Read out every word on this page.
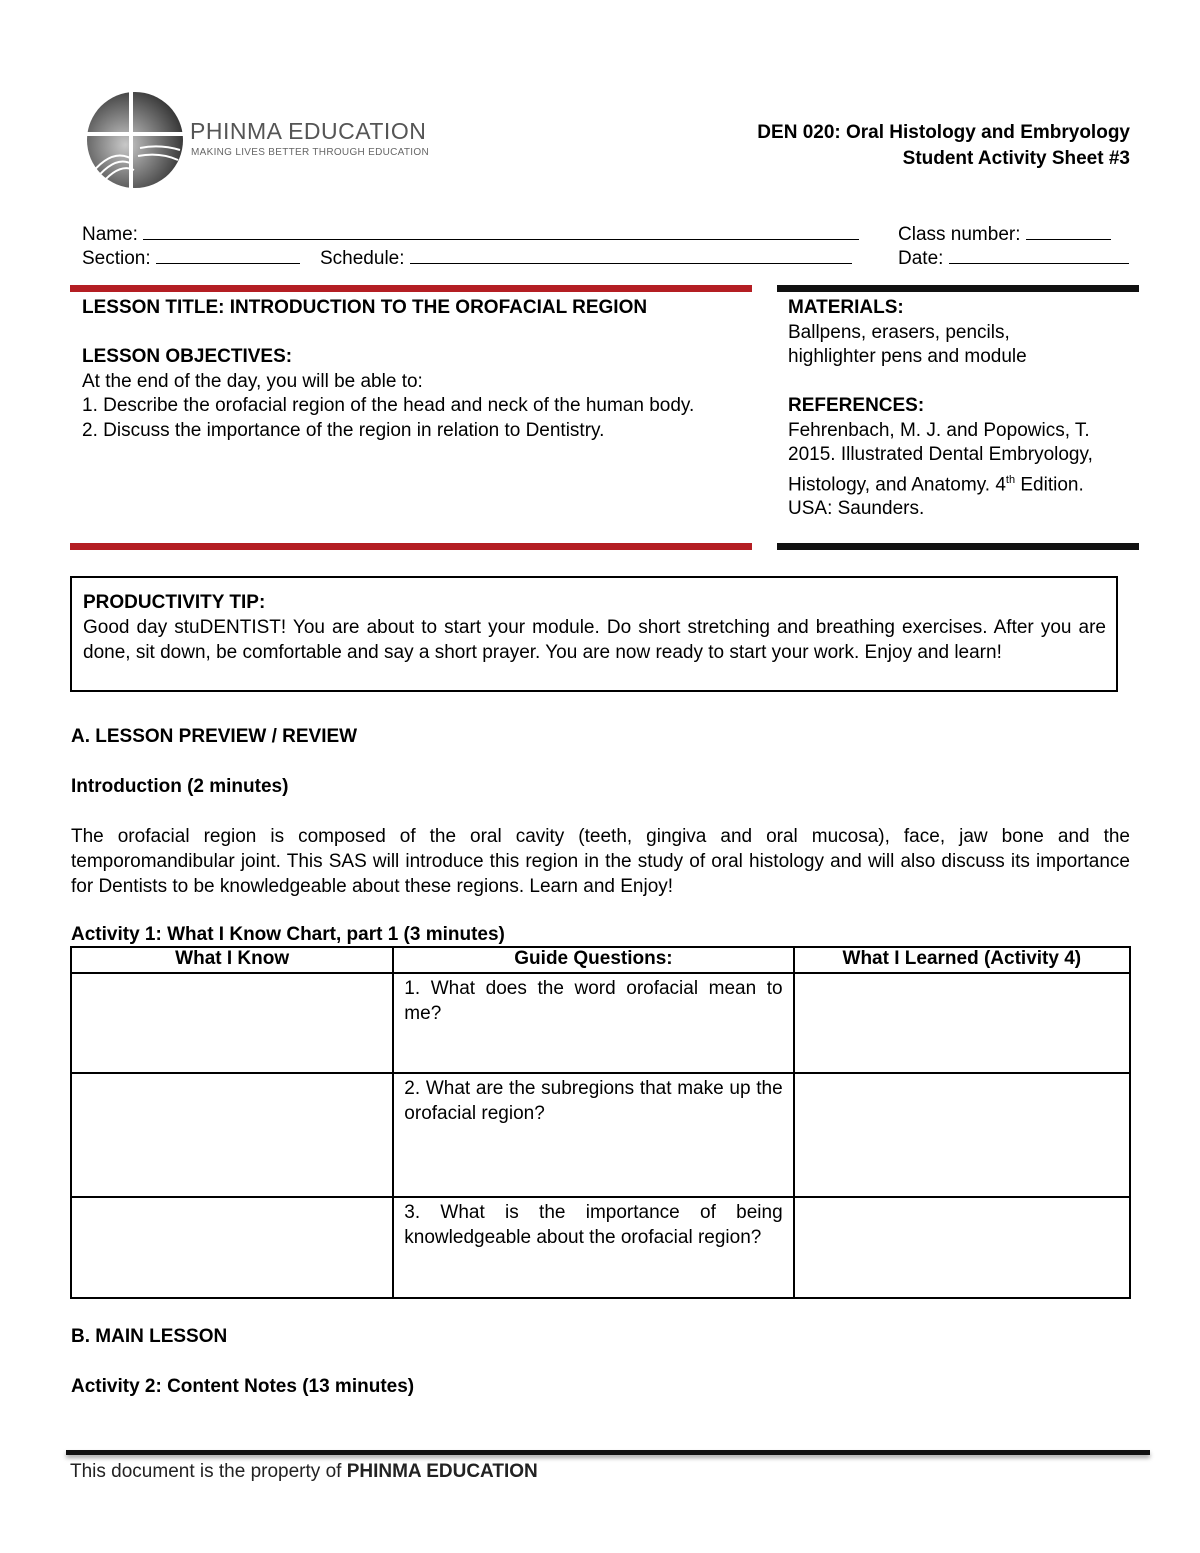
PHINMA EDUCATION
MAKING LIVES BETTER THROUGH EDUCATION
DEN 020: Oral Histology and Embryology
Student Activity Sheet #3
Name:	Class number:
Section:	Schedule:	Date:
LESSON TITLE: INTRODUCTION TO THE OROFACIAL REGION
LESSON OBJECTIVES:
At the end of the day, you will be able to:
1. Describe the orofacial region of the head and neck of the human body.
2. Discuss the importance of the region in relation to Dentistry.
MATERIALS:
Ballpens, erasers, pencils, highlighter pens and module
REFERENCES:
Fehrenbach, M. J. and Popowics, T. 2015. Illustrated Dental Embryology, Histology, and Anatomy. 4th Edition. USA: Saunders.
PRODUCTIVITY TIP:

Good day stuDENTIST! You are about to start your module. Do short stretching and breathing exercises. After you are done, sit down, be comfortable and say a short prayer. You are now ready to start your work. Enjoy and learn!

A. LESSON PREVIEW / REVIEW
Introduction (2 minutes)
The orofacial region is composed of the oral cavity (teeth, gingiva and oral mucosa), face, jaw bone and the temporomandibular joint. This SAS will introduce this region in the study of oral histology and will also discuss its importance for Dentists to be knowledgeable about these regions. Learn and Enjoy!
Activity 1: What I Know Chart, part 1 (3 minutes)
What I Know	Guide Questions:	What I Learned (Activity 4)
	1. What does the word orofacial mean to me?	
	2. What are the subregions that make up the orofacial region?	
	3. What is the importance of being knowledgeable about the orofacial region?	
B. MAIN LESSON
Activity 2: Content Notes (13 minutes)
This document is the property of PHINMA EDUCATION
